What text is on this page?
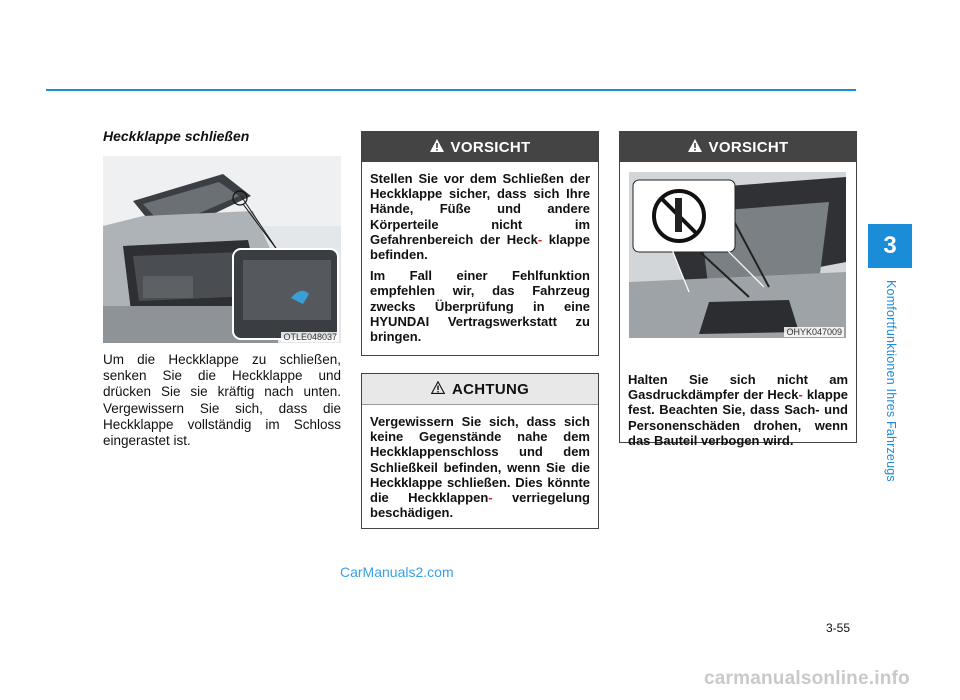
3
Komfortfunktionen Ihres Fahrzeugs
Heckklappe schließen
OTLE048037
Um die Heckklappe zu schließen, senken Sie die Heckklappe und drücken Sie sie kräftig nach unten. Vergewissern Sie sich, dass die Heckklappe vollständig im Schloss eingerastet ist.
VORSICHT

Stellen Sie vor dem Schließen der Heckklappe sicher, dass sich Ihre Hände, Füße und andere Körperteile nicht im Gefahrenbereich der Heck- klappe befinden.

Im Fall einer Fehlfunktion empfehlen wir, das Fahrzeug zwecks Überprüfung in eine HYUNDAI Vertragswerkstatt zu bringen.

ACHTUNG

Vergewissern Sie sich, dass sich keine Gegenstände nahe dem Heckklappenschloss und dem Schließkeil befinden, wenn Sie die Heckklappe schließen. Dies könnte die Heckklappen- verriegelung beschädigen.

VORSICHT

Halten Sie sich nicht am Gasdruckdämpfer der Heck- klappe fest. Beachten Sie, dass Sach- und Personenschäden drohen, wenn das Bauteil verbogen wird.

OHYK047009
CarManuals2.com
3-55
carmanualsonline.info
